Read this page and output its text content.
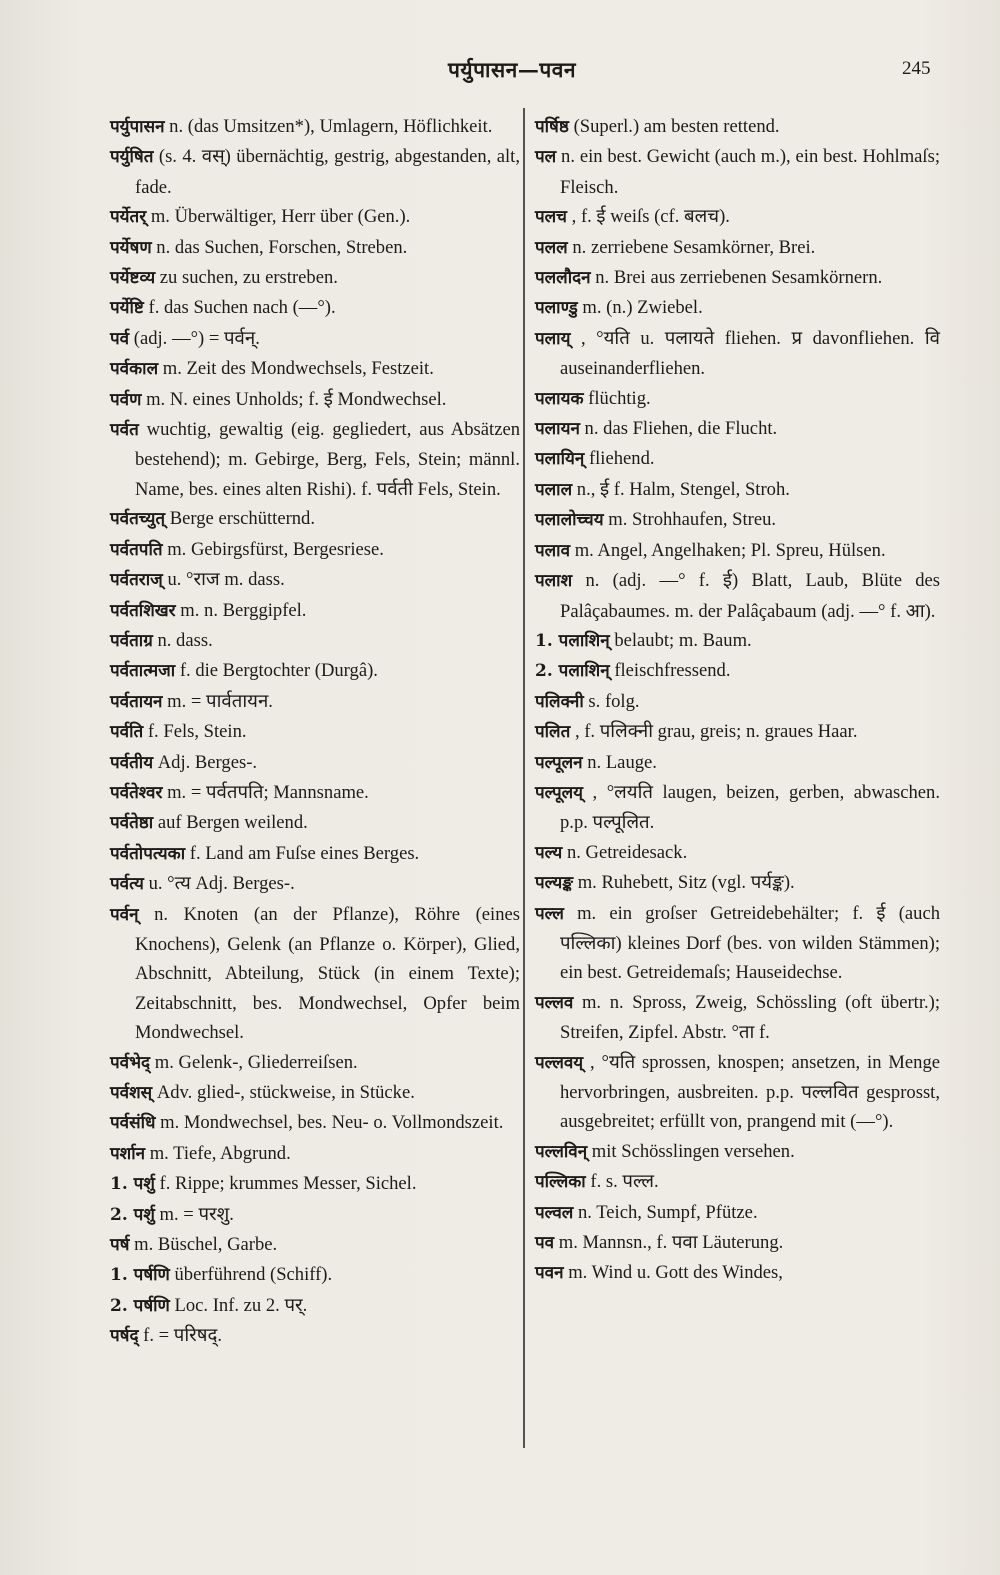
पर्युपासन—पवन	245

पर्युपासन n. (das Umsitzen*), Umlagern, Höflichkeit.

पर्युषित (s. 4. वस्) übernächtig, gestrig, abgestanden, alt, fade.

पर्येतर् m. Überwältiger, Herr über (Gen.).

पर्येषण n. das Suchen, Forschen, Streben.

पर्येष्टव्य zu suchen, zu erstreben.

पर्येष्टि f. das Suchen nach (—°).

पर्व (adj. —°) = पर्वन्.

पर्वकाल m. Zeit des Mondwechsels, Festzeit.

पर्वण m. N. eines Unholds; f. ई Mondwechsel.

पर्वत wuchtig, gewaltig (eig. gegliedert, aus Absätzen bestehend); m. Gebirge, Berg, Fels, Stein; männl. Name, bes. eines alten Rishi). f. पर्वती Fels, Stein.

पर्वतच्युत् Berge erschütternd.

पर्वतपति m. Gebirgsfürst, Bergesriese.

पर्वतराज् u. °राज m. dass.

पर्वतशिखर m. n. Berggipfel.

पर्वताग्र n. dass.

पर्वतात्मजा f. die Bergtochter (Durgâ).

पर्वतायन m. = पार्वतायन.

पर्वति f. Fels, Stein.

पर्वतीय Adj. Berges-.

पर्वतेश्वर m. = पर्वतपति; Mannsname.

पर्वतेष्ठा auf Bergen weilend.

पर्वतोपत्यका f. Land am Fuſse eines Berges.

पर्वत्य u. °त्य Adj. Berges-.

पर्वन् n. Knoten (an der Pflanze), Röhre (eines Knochens), Gelenk (an Pflanze o. Körper), Glied, Abschnitt, Abteilung, Stück (in einem Texte); Zeitabschnitt, bes. Mondwechsel, Opfer beim Mondwechsel.

पर्वभेद् m. Gelenk-, Gliederreiſsen.

पर्वशस् Adv. glied-, stückweise, in Stücke.

पर्वसंधि m. Mondwechsel, bes. Neu- o. Vollmondszeit.

पर्शान m. Tiefe, Abgrund.

1. पर्शु f. Rippe; krummes Messer, Sichel.

2. पर्शु m. = परशु.

पर्ष m. Büschel, Garbe.

1. पर्षणि überführend (Schiff).

2. पर्षणि Loc. Inf. zu 2. पर्.

पर्षद् f. = परिषद्.

पर्षिष्ठ (Superl.) am besten rettend.

पल n. ein best. Gewicht (auch m.), ein best. Hohlmaſs; Fleisch.

पलच , f. ई weiſs (cf. बलच).

पलल n. zerriebene Sesamkörner, Brei.

पललौदन n. Brei aus zerriebenen Sesamkörnern.

पलाण्डु m. (n.) Zwiebel.

पलाय् , °यति u. पलायते fliehen. प्र davonfliehen. वि auseinanderfliehen.

पलायक flüchtig.

पलायन n. das Fliehen, die Flucht.

पलायिन् fliehend.

पलाल n., ई f. Halm, Stengel, Stroh.

पलालोच्चय m. Strohhaufen, Streu.

पलाव m. Angel, Angelhaken; Pl. Spreu, Hülsen.

पलाश n. (adj. —° f. ई) Blatt, Laub, Blüte des Palâçabaumes. m. der Palâçabaum (adj. —° f. आ).

1. पलाशिन् belaubt; m. Baum.

2. पलाशिन् fleischfressend.

पलिक्नी s. folg.

पलित , f. पलिक्नी grau, greis; n. graues Haar.

पल्पूलन n. Lauge.

पल्पूलय् , °लयति laugen, beizen, gerben, abwaschen. p.p. पल्पूलित.

पल्य n. Getreidesack.

पल्यङ्क m. Ruhebett, Sitz (vgl. पर्यङ्क).

पल्ल m. ein groſser Getreidebehälter; f. ई (auch पल्लिका) kleines Dorf (bes. von wilden Stämmen); ein best. Getreidemaſs; Hauseidechse.

पल्लव m. n. Spross, Zweig, Schössling (oft übertr.); Streifen, Zipfel. Abstr. °ता f.

पल्लवय् , °यति sprossen, knospen; ansetzen, in Menge hervorbringen, ausbreiten. p.p. पल्लवित gesprosst, ausgebreitet; erfüllt von, prangend mit (—°).

पल्लविन् mit Schösslingen versehen.

पल्लिका f. s. पल्ल.

पल्वल n. Teich, Sumpf, Pfütze.

पव m. Mannsn., f. पवा Läuterung.

पवन m. Wind u. Gott des Windes,
